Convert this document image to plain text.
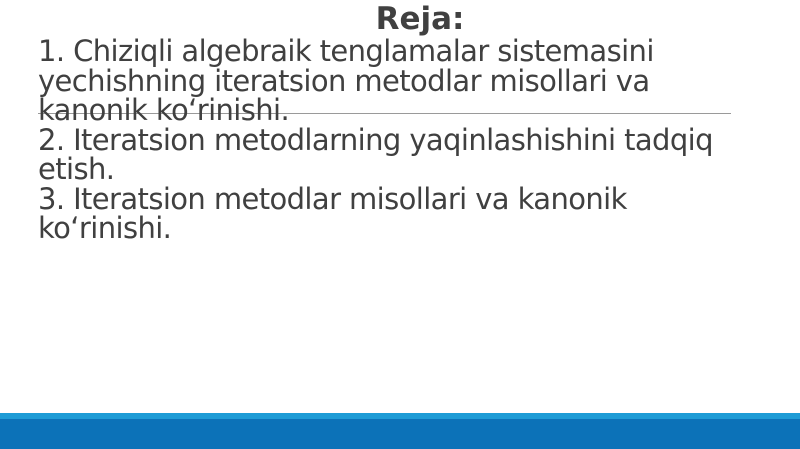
Reja:
1. Chiziqli algebraik tenglamalar sistemasini yechishning iteratsion metodlar misollari va kanonik ko‘rinishi.
2. Iteratsion metodlarning yaqinlashishini tadqiq etish.
3. Iteratsion metodlar misollari va kanonik ko‘rinishi.
